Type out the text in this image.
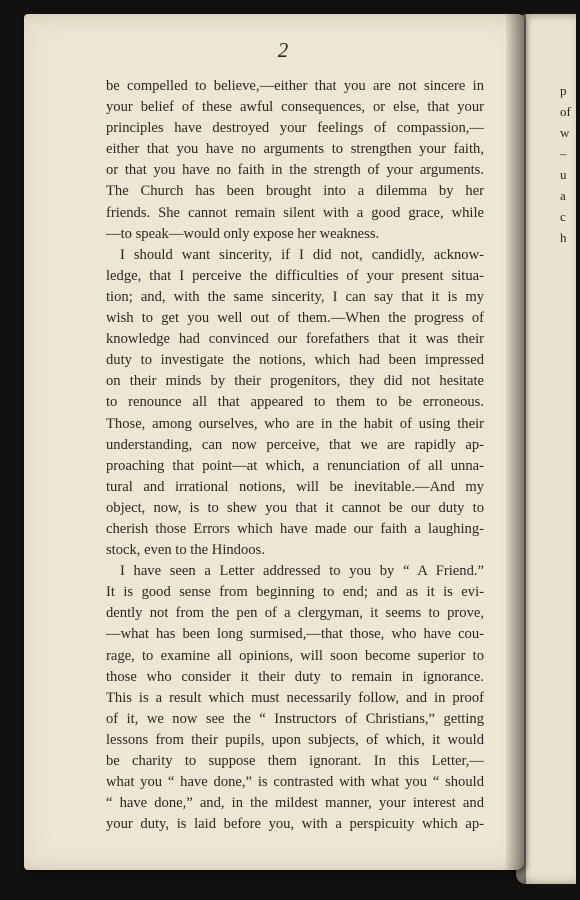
p
of
w
–
u
a
c
h
2
be compelled to believe,—either that you are not sincere in
your belief of these awful consequences, or else, that your
principles have destroyed your feelings of compassion,—
either that you have no arguments to strengthen your faith,
or that you have no faith in the strength of your arguments.
The Church has been brought into a dilemma by her
friends. She cannot remain silent with a good grace, while
—to speak—would only expose her weakness.
I should want sincerity, if I did not, candidly, acknow-
ledge, that I perceive the difficulties of your present situa-
tion; and, with the same sincerity, I can say that it is my
wish to get you well out of them.—When the progress of
knowledge had convinced our forefathers that it was their
duty to investigate the notions, which had been impressed
on their minds by their progenitors, they did not hesitate
to renounce all that appeared to them to be erroneous.
Those, among ourselves, who are in the habit of using their
understanding, can now perceive, that we are rapidly ap-
proaching that point—at which, a renunciation of all unna-
tural and irrational notions, will be inevitable.—And my
object, now, is to shew you that it cannot be our duty to
cherish those Errors which have made our faith a laughing-
stock, even to the Hindoos.
I have seen a Letter addressed to you by “ A Friend.”
It is good sense from beginning to end; and as it is evi-
dently not from the pen of a clergyman, it seems to prove,
—what has been long surmised,—that those, who have cou-
rage, to examine all opinions, will soon become superior to
those who consider it their duty to remain in ignorance.
This is a result which must necessarily follow, and in proof
of it, we now see the “ Instructors of Christians,” getting
lessons from their pupils, upon subjects, of which, it would
be charity to suppose them ignorant. In this Letter,—
what you “ have done,” is contrasted with what you “ should
“ have done,” and, in the mildest manner, your interest and
your duty, is laid before you, with a perspicuity which ap-
